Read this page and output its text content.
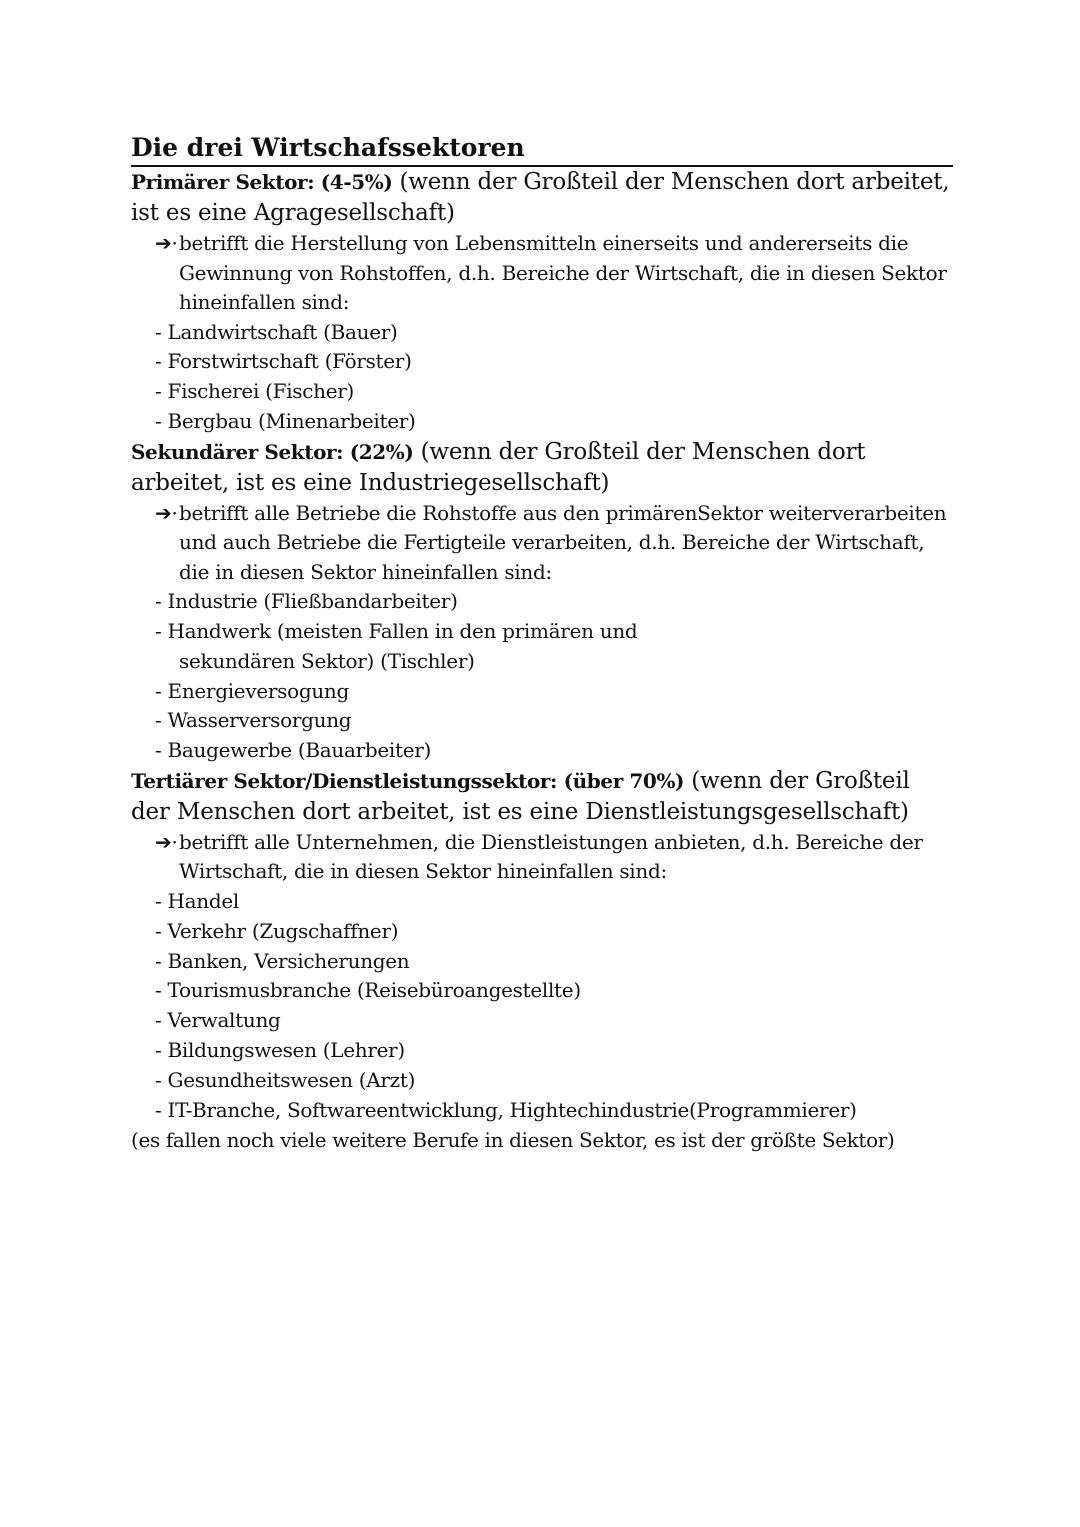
Die drei Wirtschafssektoren

Primärer Sektor: (4-5%) (wenn der Großteil der Menschen dort arbeitet, ist es eine Agragesellschaft)

➔· betrifft die Herstellung von Lebensmitteln einerseits und andererseits die Gewinnung von Rohstoffen, d.h. Bereiche der Wirtschaft, die in diesen Sektor hineinfallen sind:

- Landwirtschaft (Bauer)
- Forstwirtschaft (Förster)
- Fischerei (Fischer)
- Bergbau (Minenarbeiter)

Sekundärer Sektor: (22%) (wenn der Großteil der Menschen dort arbeitet, ist es eine Industriegesellschaft)

➔· betrifft alle Betriebe die Rohstoffe aus den primärenSektor weiterverarbeiten und auch Betriebe die Fertigteile verarbeiten, d.h. Bereiche der Wirtschaft, die in diesen Sektor hineinfallen sind:

- Industrie (Fließbandarbeiter)
- Handwerk (meisten Fallen in den primären und
sekundären Sektor) (Tischler)
- Energieversogung
- Wasserversorgung
- Baugewerbe (Bauarbeiter)

Tertiärer Sektor/Dienstleistungssektor: (über 70%) (wenn der Großteil der Menschen dort arbeitet, ist es eine Dienstleistungsgesellschaft)

➔· betrifft alle Unternehmen, die Dienstleistungen anbieten, d.h. Bereiche der Wirtschaft, die in diesen Sektor hineinfallen sind:

- Handel
- Verkehr (Zugschaffner)
- Banken, Versicherungen
- Tourismusbranche (Reisebüroangestellte)
- Verwaltung
- Bildungswesen (Lehrer)
- Gesundheitswesen (Arzt)
- IT-Branche, Softwareentwicklung, Hightechindustrie(Programmierer)

(es fallen noch viele weitere Berufe in diesen Sektor, es ist der größte Sektor)
